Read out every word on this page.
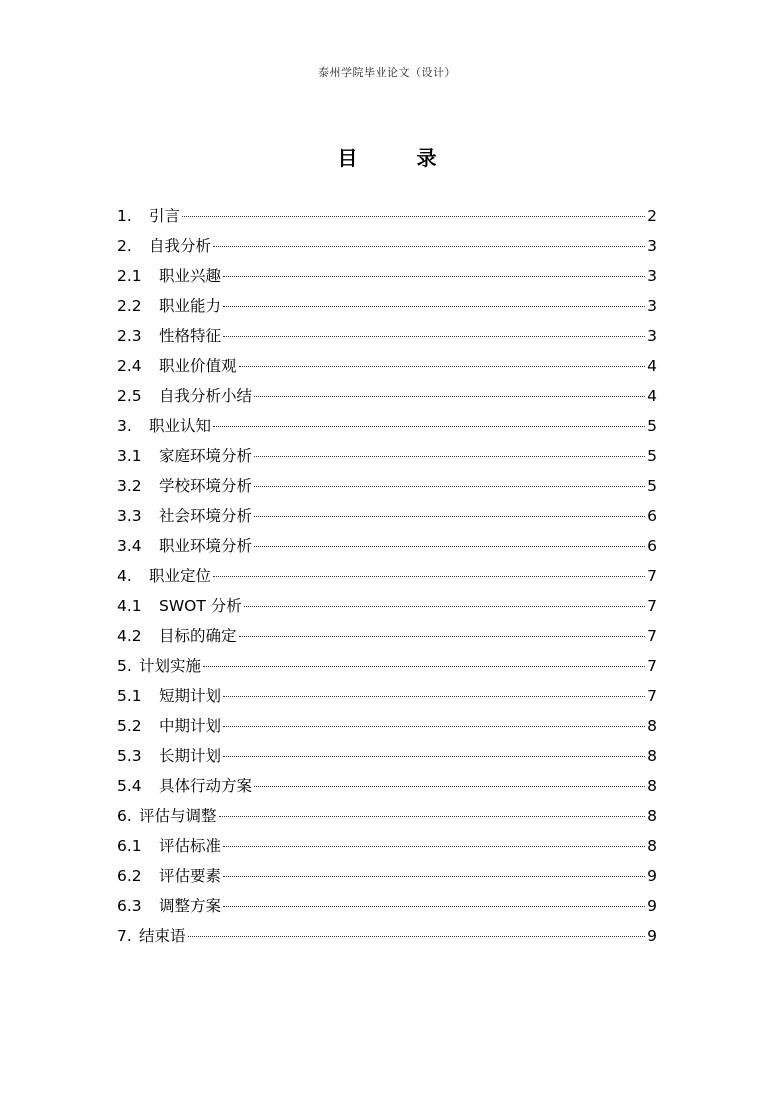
泰州学院毕业论文（设计）
目 录
1.	引言	2
2.	自我分析	3
2.1	职业兴趣	3
2.2	职业能力	3
2.3	性格特征	3
2.4	职业价值观	4
2.5	自我分析小结	4
3.	职业认知	5
3.1	家庭环境分析	5
3.2	学校环境分析	5
3.3	社会环境分析	6
3.4	职业环境分析	6
4.	职业定位	7
4.1	SWOT 分析	7
4.2	目标的确定	7
5. 计划实施	7
5.1	短期计划	7
5.2	中期计划	8
5.3	长期计划	8
5.4	具体行动方案	8
6. 评估与调整	8
6.1	评估标准	8
6.2	评估要素	9
6.3	调整方案	9
7. 结束语	9
